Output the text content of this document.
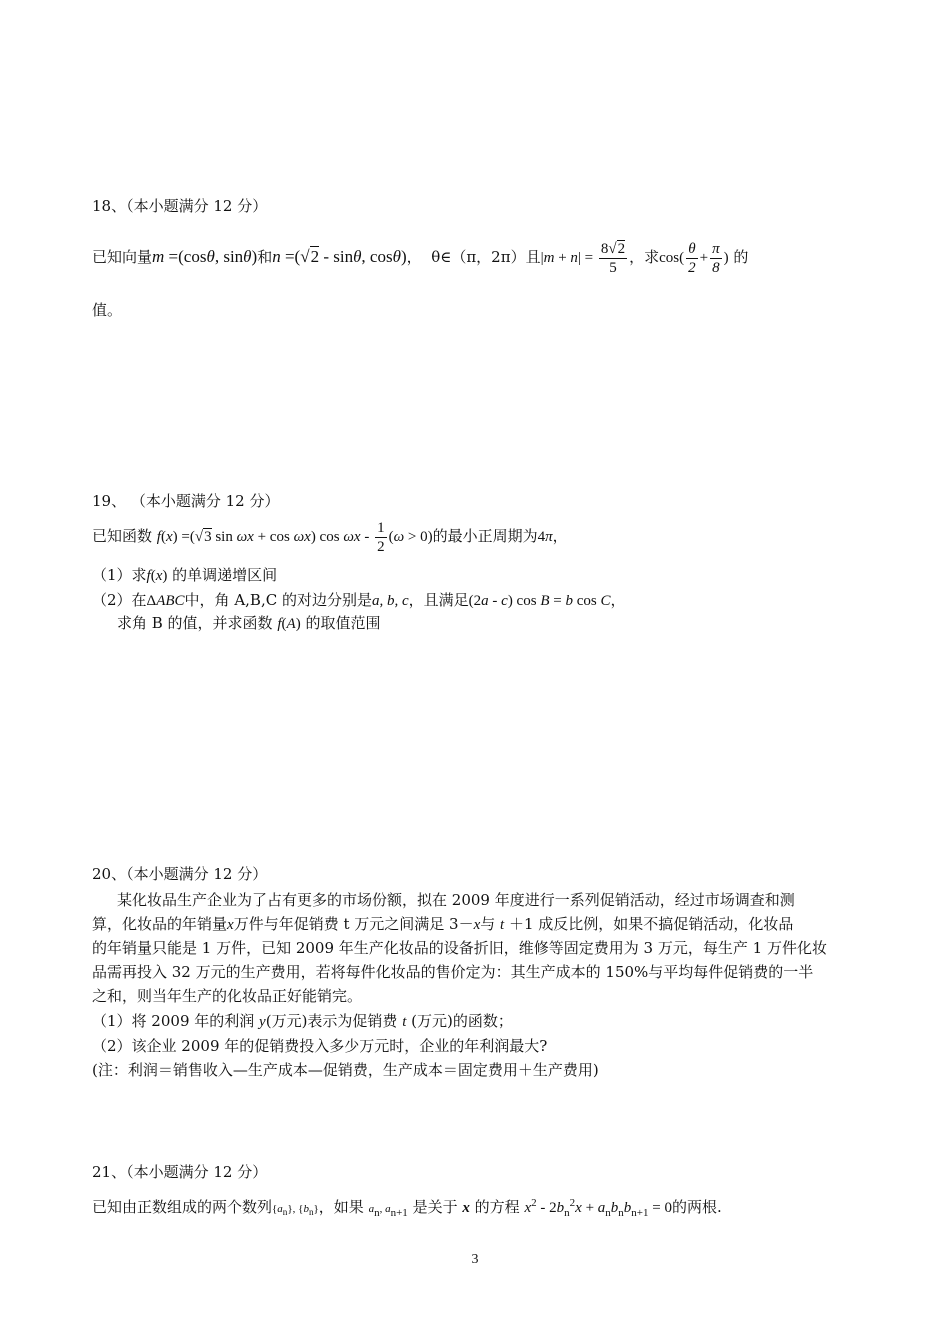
18、（本小题满分 12 分）
已知向量m =(cosθ, sinθ)和n =(√2 - sinθ, cosθ)， θ∈（π，2π）且$|m + n| = \frac{8√2}{5}$ ，求$\cos( \frac{\theta}{2} + \frac{\pi}{8}$ ) 的
值。
19、 （本小题满分 12 分）
已知函数 f(x) =(√3 sin ωx + cos ωx) $\cos \omega x - \frac{1}{2} (\omega > 0)$的最小正周期为4π，
（1）求f(x) 的单调递增区间
（2）在ΔABC中，角 A,B,C 的对边分别是a, b, c，且满足(2a - c) cos B = b cos C，
求角 B 的值，并求函数 f(A) 的取值范围
20、（本小题满分 12 分）
某化妆品生产企业为了占有更多的市场份额，拟在 2009 年度进行一系列促销活动，经过市场调查和测
算，化妆品的年销量x万件与年促销费 t 万元之间满足 3－x与 t ＋1 成反比例，如果不搞促销活动，化妆品
的年销量只能是 1 万件，已知 2009 年生产化妆品的设备折旧，维修等固定费用为 3 万元，每生产 1 万件化妆
品需再投入 32 万元的生产费用，若将每件化妆品的售价定为：其生产成本的 150%与平均每件促销费的一半
之和，则当年生产的化妆品正好能销完。
（1）将 2009 年的利润 y(万元)表示为促销费 t (万元)的函数；
（2）该企业 2009 年的促销费投入多少万元时，企业的年利润最大?
(注：利润＝销售收入—生产成本—促销费，生产成本＝固定费用＋生产费用)
21、（本小题满分 12 分）
已知由正数组成的两个数列$\{a_n\}$, $\{b_n\}$，如果 $a_n$, $a_{n+1}$ 是关于 x 的方程 $x^2 - 2b_n^2x + a_nb_nb_{n+1} = 0$的两根.
3
